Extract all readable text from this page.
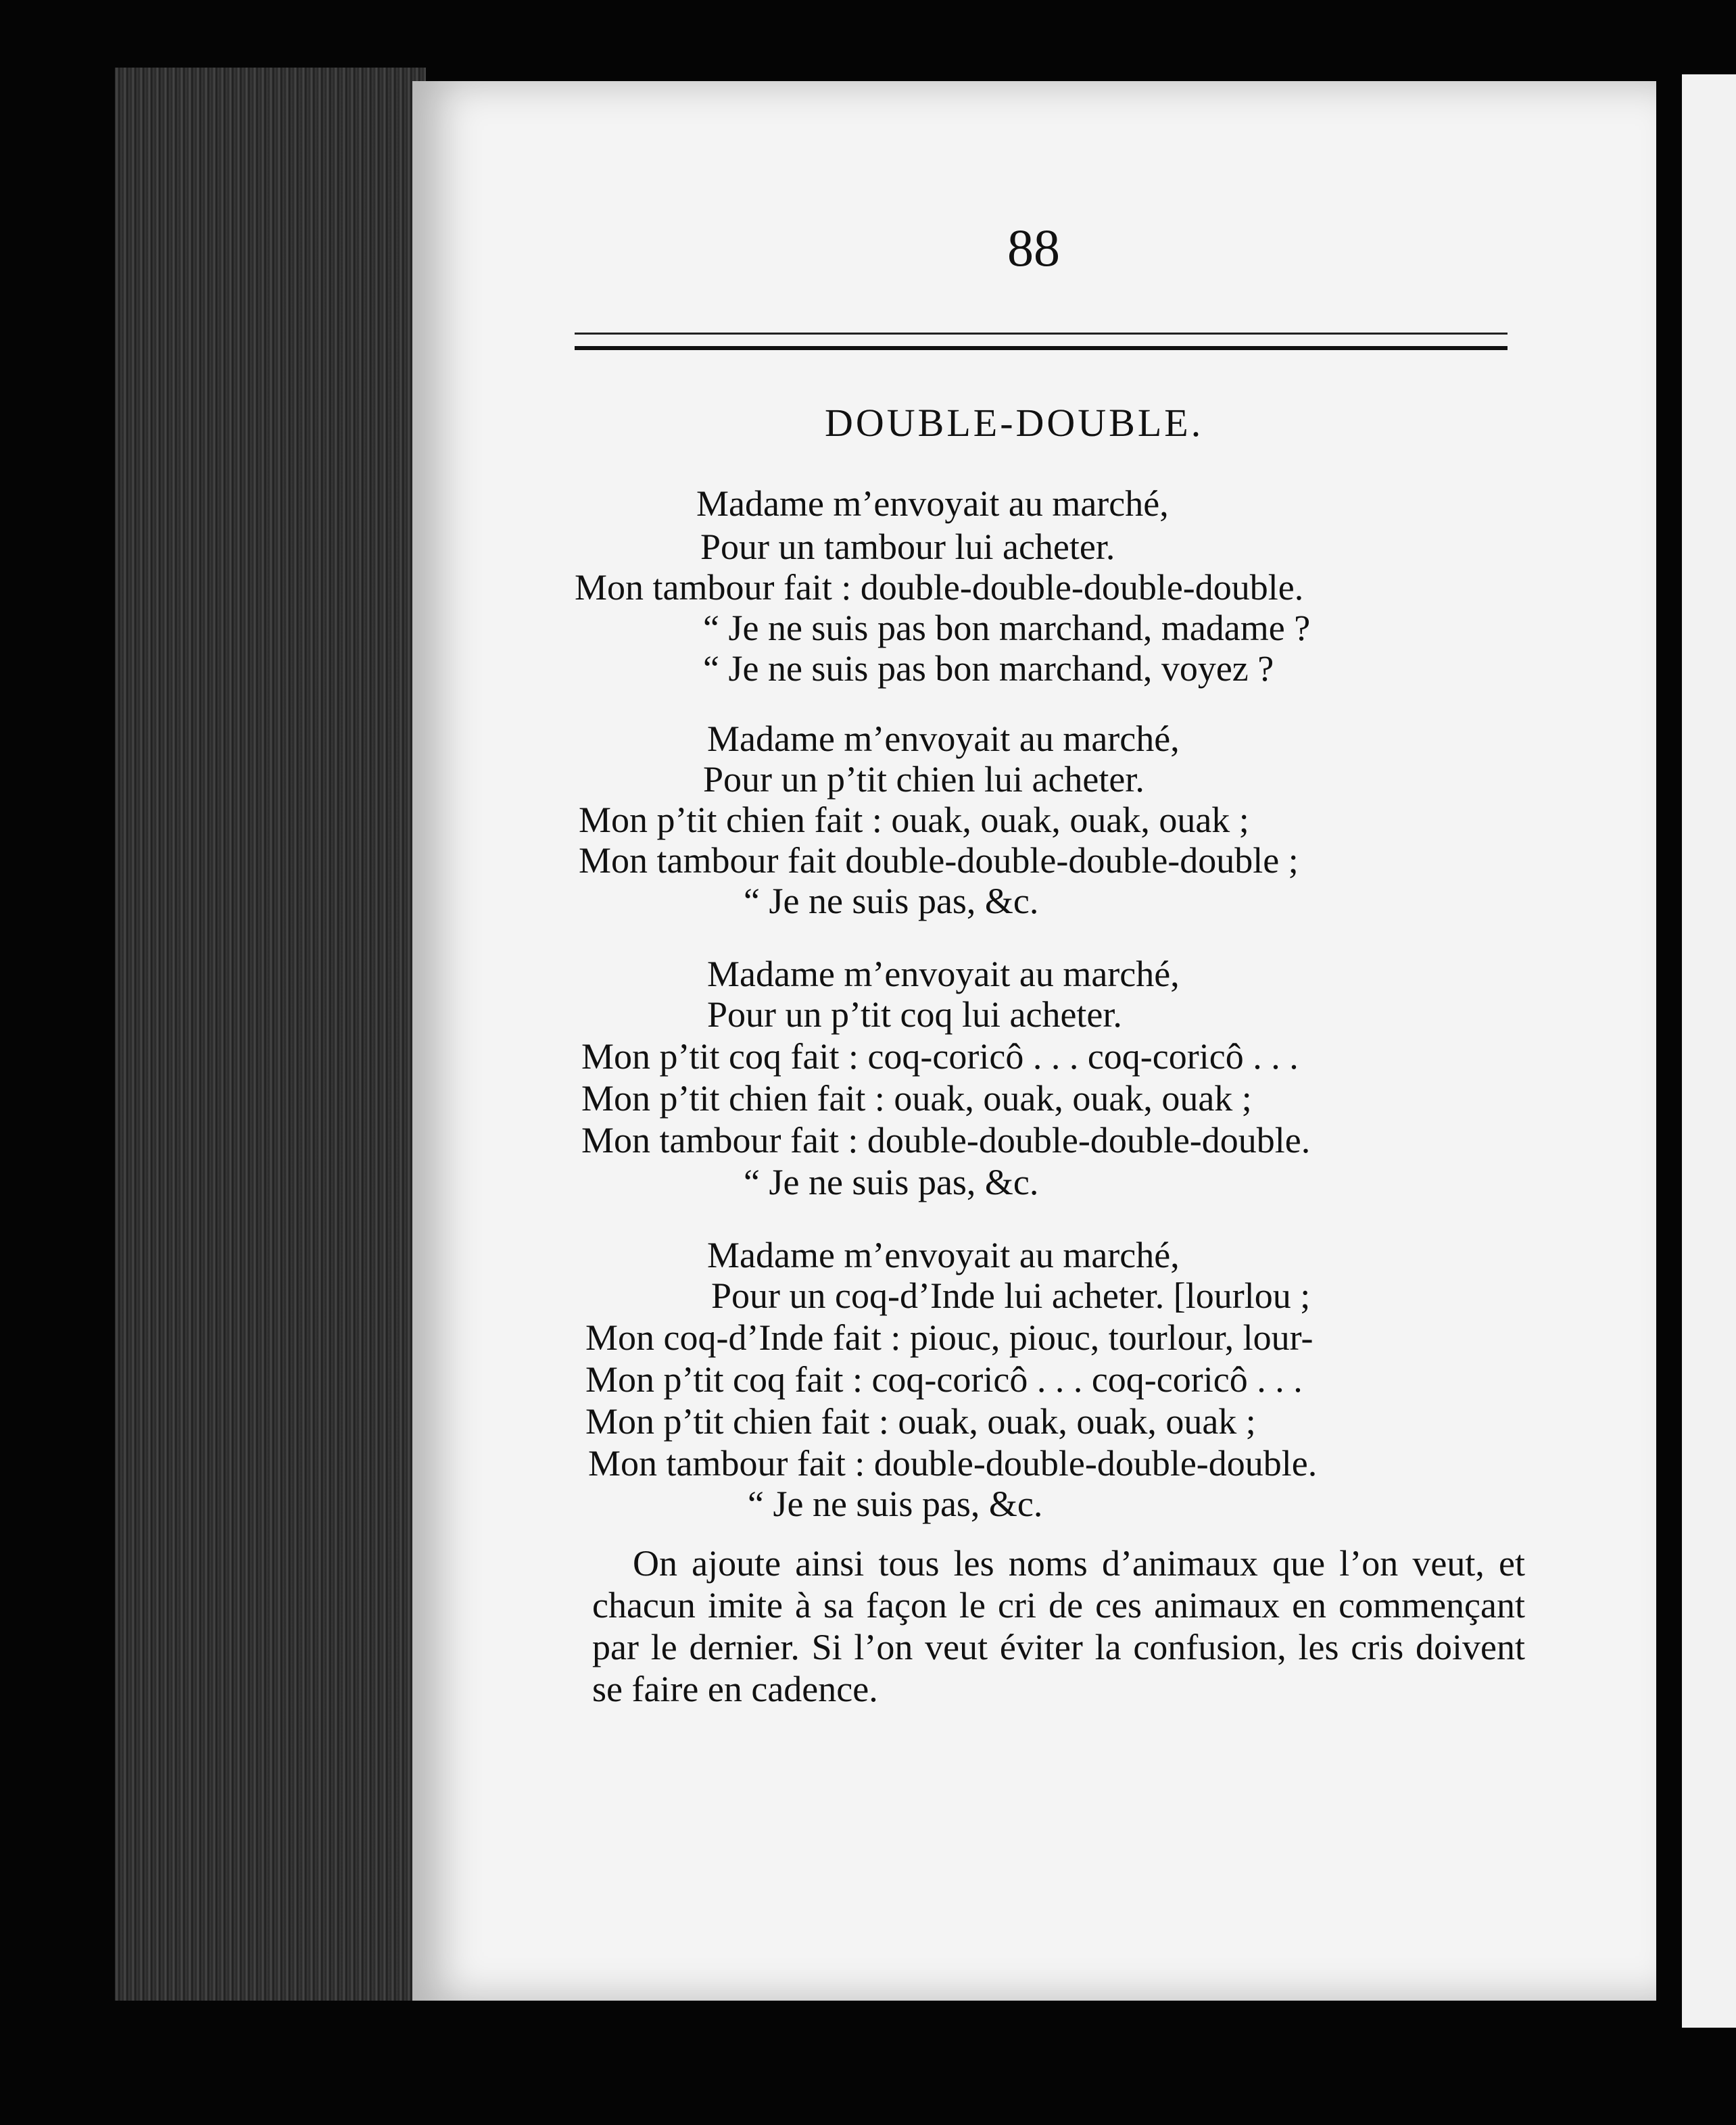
88
DOUBLE-DOUBLE.
Madame m’envoyait au marché,
Pour un tambour lui acheter.
Mon tambour fait : double-double-double-double.
“ Je ne suis pas bon marchand, madame ?
“ Je ne suis pas bon marchand, voyez ?
Madame m’envoyait au marché,
Pour un p’tit chien lui acheter.
Mon p’tit chien fait : ouak, ouak, ouak, ouak ;
Mon tambour fait double-double-double-double ;
“ Je ne suis pas, &c.
Madame m’envoyait au marché,
Pour un p’tit coq lui acheter.
Mon p’tit coq fait : coq-coricô . . . coq-coricô . . .
Mon p’tit chien fait : ouak, ouak, ouak, ouak ;
Mon tambour fait : double-double-double-double.
“ Je ne suis pas, &c.
Madame m’envoyait au marché,
Pour un coq-d’Inde lui acheter. [lourlou ;
Mon coq-d’Inde fait : piouc, piouc, tourlour, lour-
Mon p’tit coq fait : coq-coricô . . . coq-coricô . . .
Mon p’tit chien fait : ouak, ouak, ouak, ouak ;
Mon tambour fait : double-double-double-double.
“ Je ne suis pas, &c.
On ajoute ainsi tous les noms d’animaux que l’on veut, et chacun imite à sa façon le cri de ces animaux en commençant par le dernier. Si l’on veut éviter la confusion, les cris doivent se faire en cadence.
